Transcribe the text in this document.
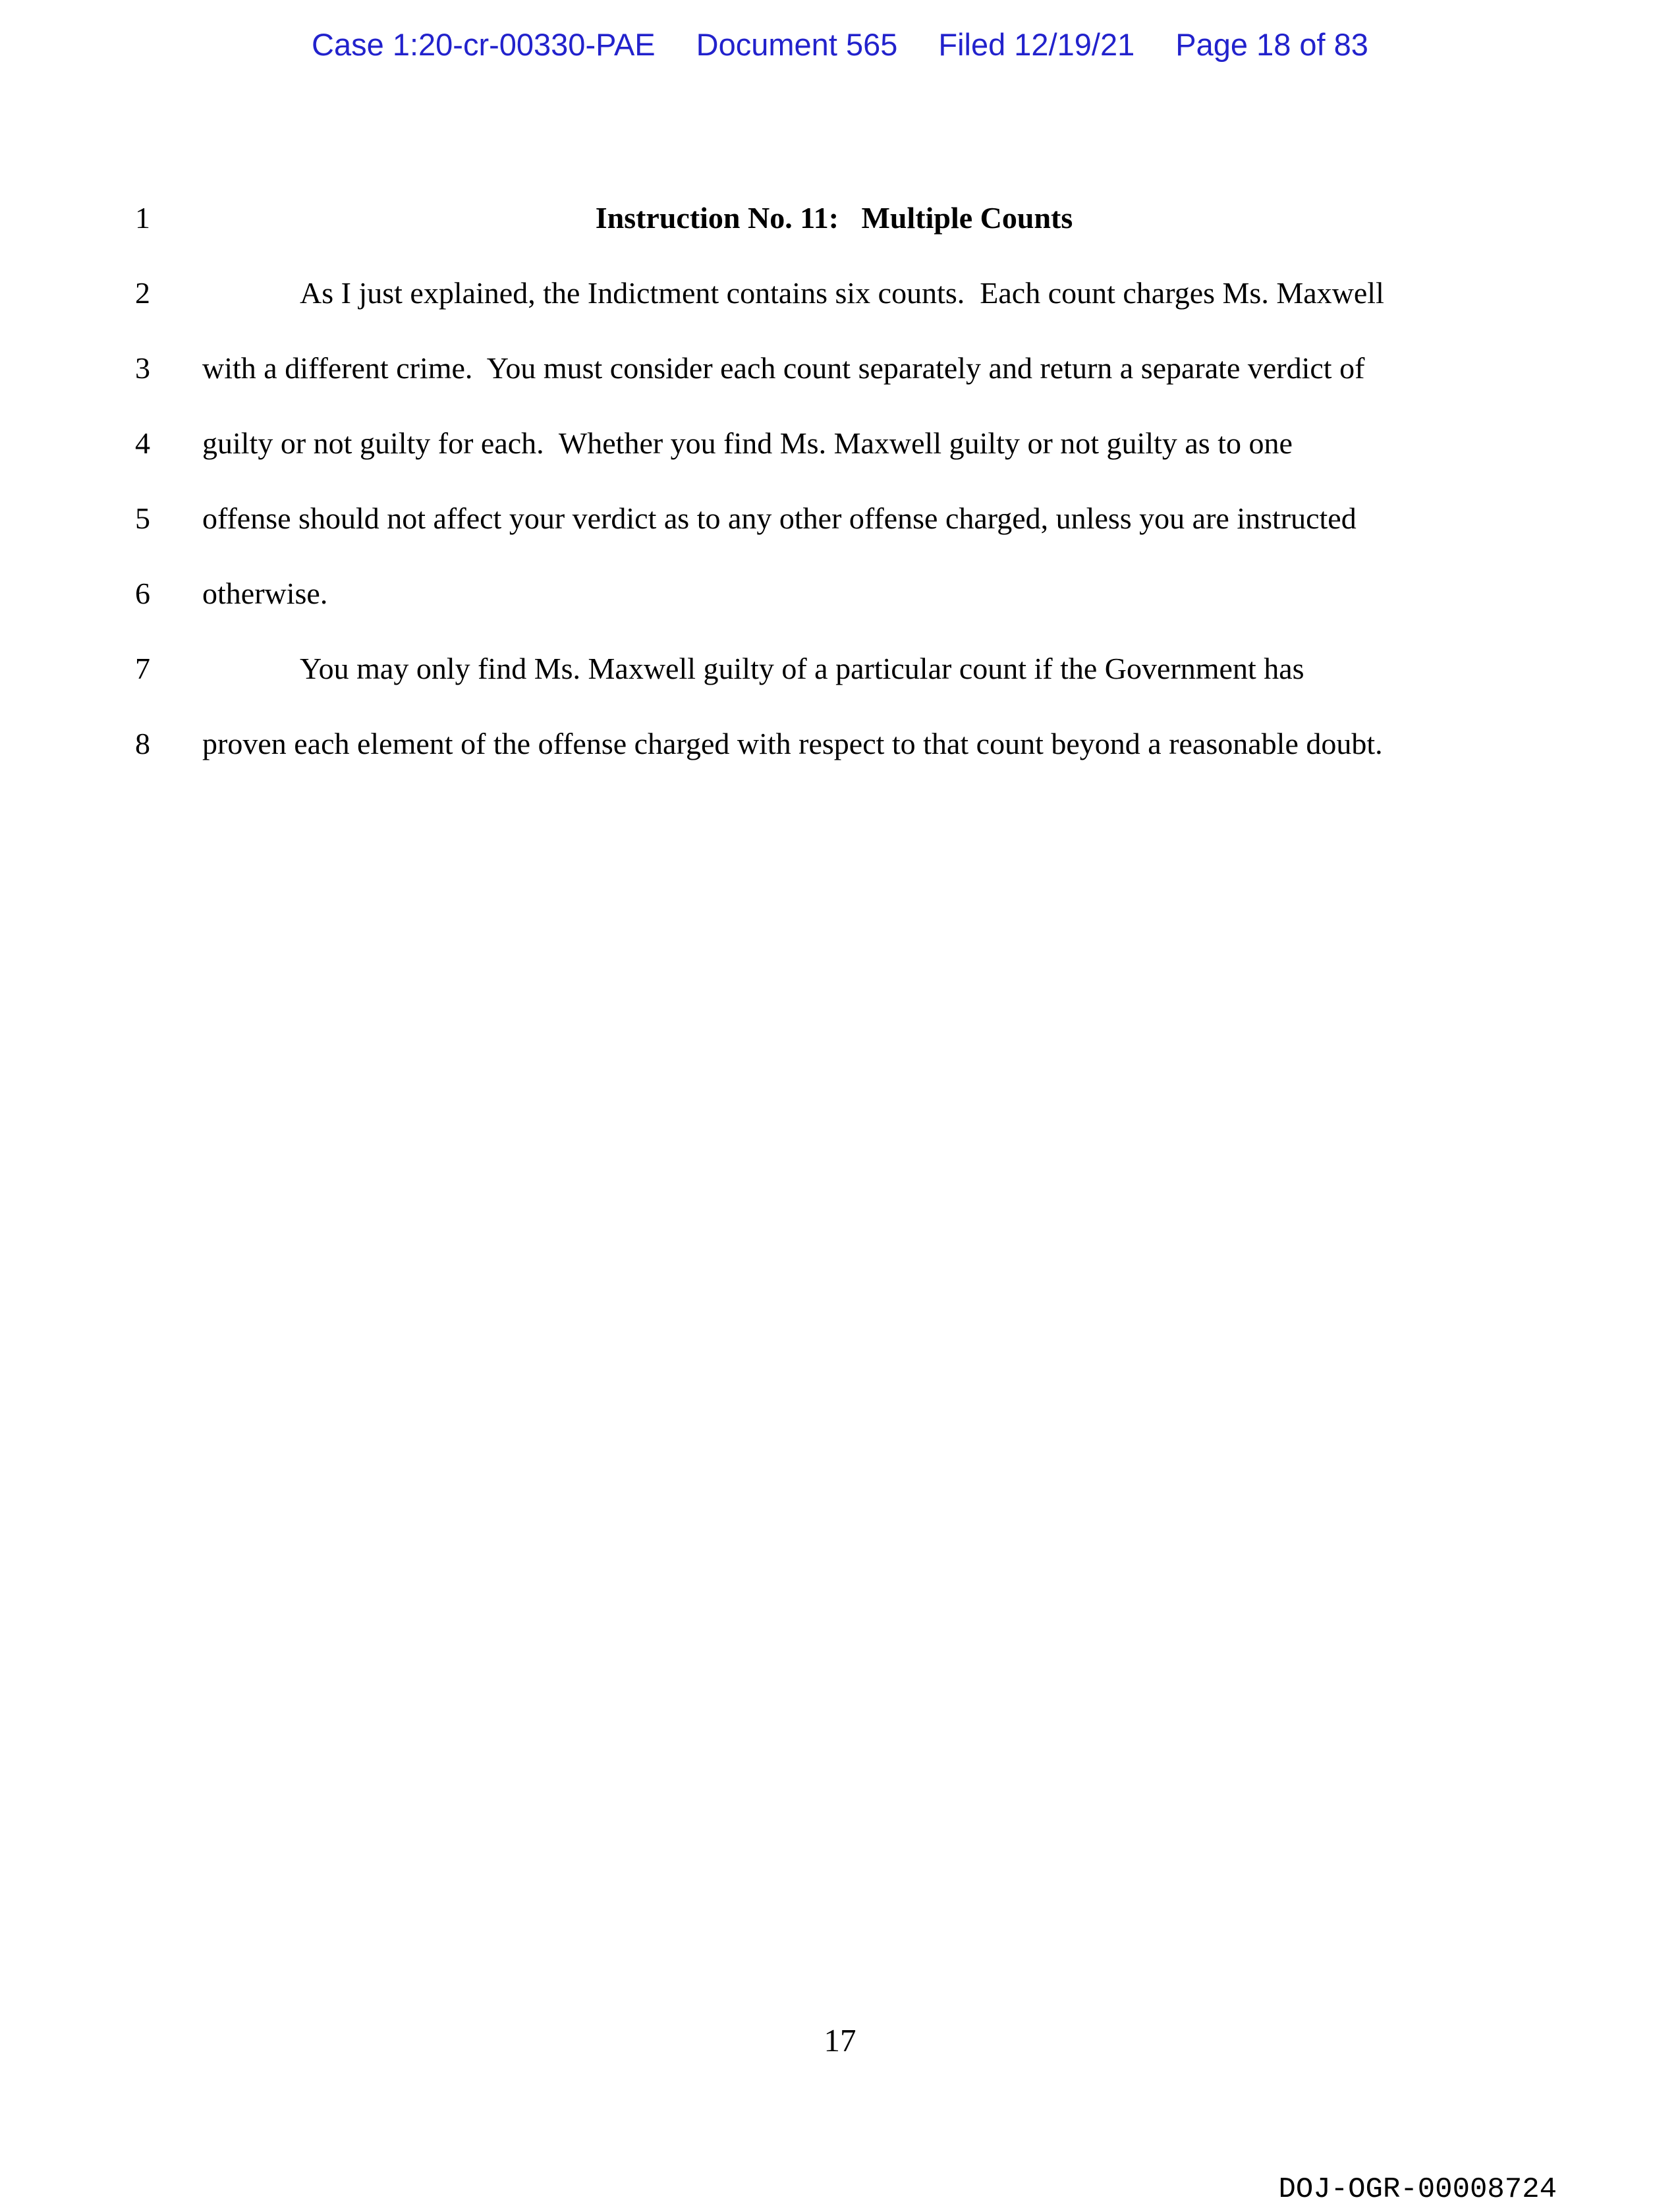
Case 1:20-cr-00330-PAE Document 565 Filed 12/19/21 Page 18 of 83
1	Instruction No. 11:   Multiple Counts
2	As I just explained, the Indictment contains six counts.  Each count charges Ms. Maxwell
3	with a different crime.  You must consider each count separately and return a separate verdict of
4	guilty or not guilty for each.  Whether you find Ms. Maxwell guilty or not guilty as to one
5	offense should not affect your verdict as to any other offense charged, unless you are instructed
6	otherwise.
7	You may only find Ms. Maxwell guilty of a particular count if the Government has
8	proven each element of the offense charged with respect to that count beyond a reasonable doubt.
17
DOJ-OGR-00008724
